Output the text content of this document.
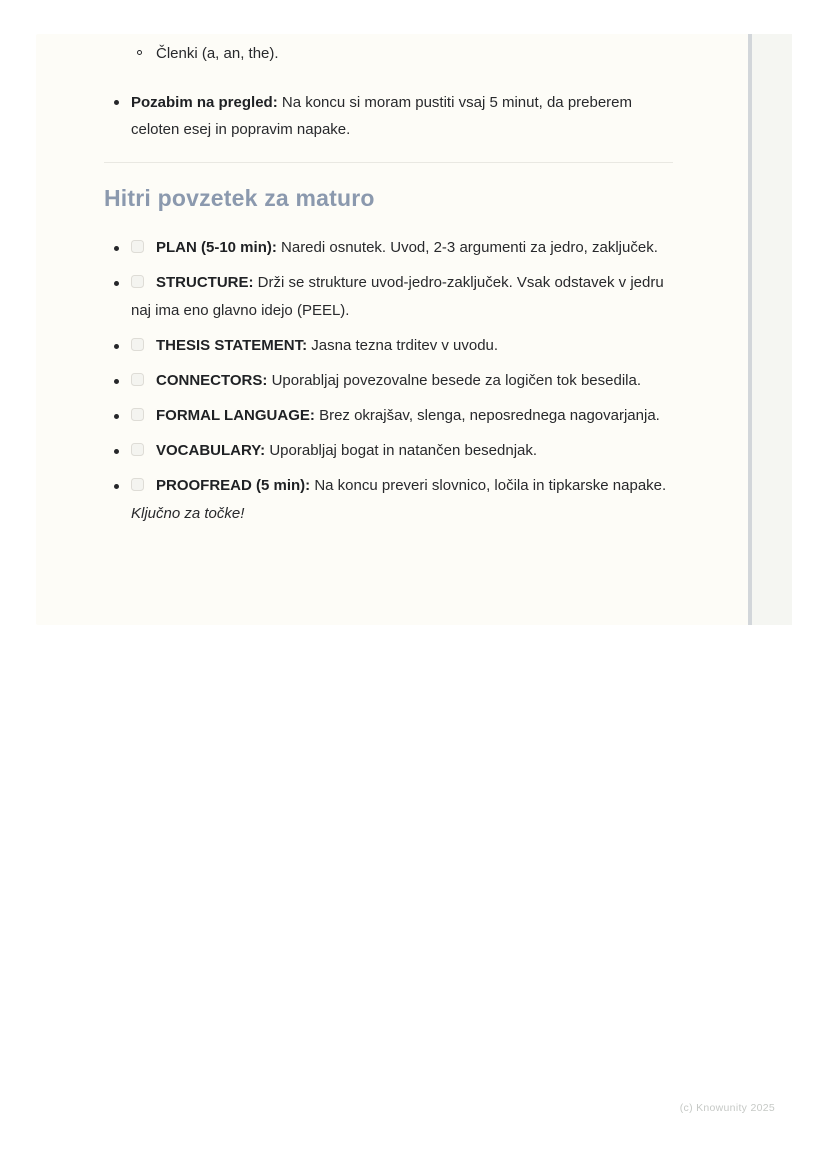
Členki (a, an, the).
Pozabim na pregled: Na koncu si moram pustiti vsaj 5 minut, da preberem celoten esej in popravim napake.
Hitri povzetek za maturo
PLAN (5-10 min): Naredi osnutek. Uvod, 2-3 argumenti za jedro, zaključek.
STRUCTURE: Drži se strukture uvod-jedro-zaključek. Vsak odstavek v jedru naj ima eno glavno idejo (PEEL).
THESIS STATEMENT: Jasna tezna trditev v uvodu.
CONNECTORS: Uporabljaj povezovalne besede za logičen tok besedila.
FORMAL LANGUAGE: Brez okrajšav, slenga, neposrednega nagovarjanja.
VOCABULARY: Uporabljaj bogat in natančen besednjak.
PROOFREAD (5 min): Na koncu preveri slovnico, ločila in tipkarske napake. Ključno za točke!
(c) Knowunity 2025
